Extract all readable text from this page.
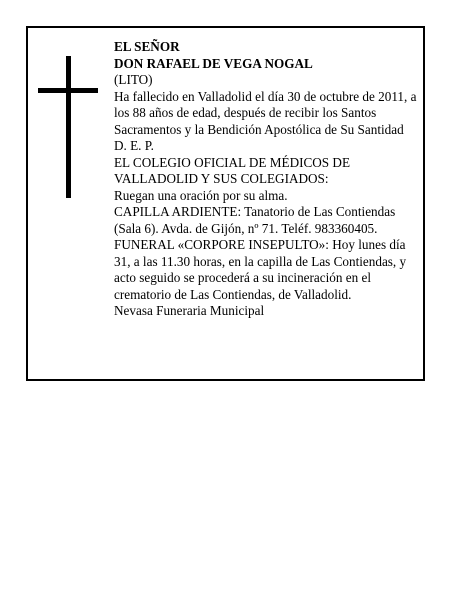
EL SEÑOR
DON RAFAEL DE VEGA NOGAL
(LITO)
Ha fallecido en Valladolid el día 30 de octubre de 2011, a los 88 años de edad, después de recibir los Santos Sacramentos y la Bendición Apostólica de Su Santidad
D. E. P.
EL COLEGIO OFICIAL DE MÉDICOS DE VALLADOLID Y SUS COLEGIADOS:
Ruegan una oración por su alma.
CAPILLA ARDIENTE: Tanatorio de Las Contiendas (Sala 6). Avda. de Gijón, nº 71. Teléf. 983360405.
FUNERAL «CORPORE INSEPULTO»: Hoy lunes día 31, a las 11.30 horas, en la capilla de Las Contiendas, y acto seguido se procederá a su incineración en el crematorio de Las Contiendas, de Valladolid.
Nevasa Funeraria Municipal
